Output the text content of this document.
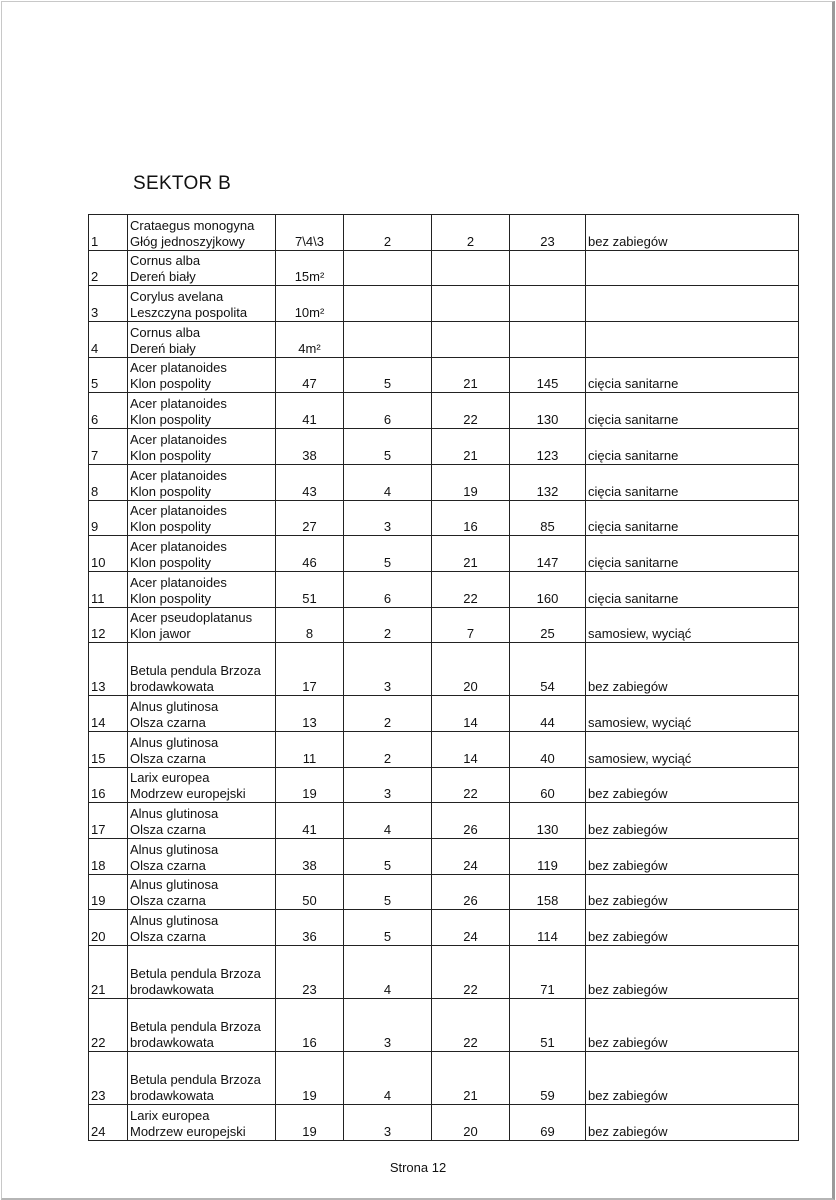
SEKTOR B
1	Crataegus monogyna
Głóg jednoszyjkowy	7\4\3	2	2	23	bez zabiegów
2	Cornus alba
Dereń biały	15m²				
3	Corylus avelana
Leszczyna pospolita	10m²				
4	Cornus alba
Dereń biały	4m²				
5	Acer platanoides
Klon pospolity	47	5	21	145	cięcia sanitarne
6	Acer platanoides
Klon pospolity	41	6	22	130	cięcia sanitarne
7	Acer platanoides
Klon pospolity	38	5	21	123	cięcia sanitarne
8	Acer platanoides
Klon pospolity	43	4	19	132	cięcia sanitarne
9	Acer platanoides
Klon pospolity	27	3	16	85	cięcia sanitarne
10	Acer platanoides
Klon pospolity	46	5	21	147	cięcia sanitarne
11	Acer platanoides
Klon pospolity	51	6	22	160	cięcia sanitarne
12	Acer pseudoplatanus
Klon jawor	8	2	7	25	samosiew, wyciąć
13	Betula pendula Brzoza
brodawkowata	17	3	20	54	bez zabiegów
14	Alnus glutinosa
Olsza czarna	13	2	14	44	samosiew, wyciąć
15	Alnus glutinosa
Olsza czarna	11	2	14	40	samosiew, wyciąć
16	Larix europea
Modrzew europejski	19	3	22	60	bez zabiegów
17	Alnus glutinosa
Olsza czarna	41	4	26	130	bez zabiegów
18	Alnus glutinosa
Olsza czarna	38	5	24	119	bez zabiegów
19	Alnus glutinosa
Olsza czarna	50	5	26	158	bez zabiegów
20	Alnus glutinosa
Olsza czarna	36	5	24	114	bez zabiegów
21	Betula pendula Brzoza
brodawkowata	23	4	22	71	bez zabiegów
22	Betula pendula Brzoza
brodawkowata	16	3	22	51	bez zabiegów
23	Betula pendula Brzoza
brodawkowata	19	4	21	59	bez zabiegów
24	Larix europea
Modrzew europejski	19	3	20	69	bez zabiegów
Strona 12
